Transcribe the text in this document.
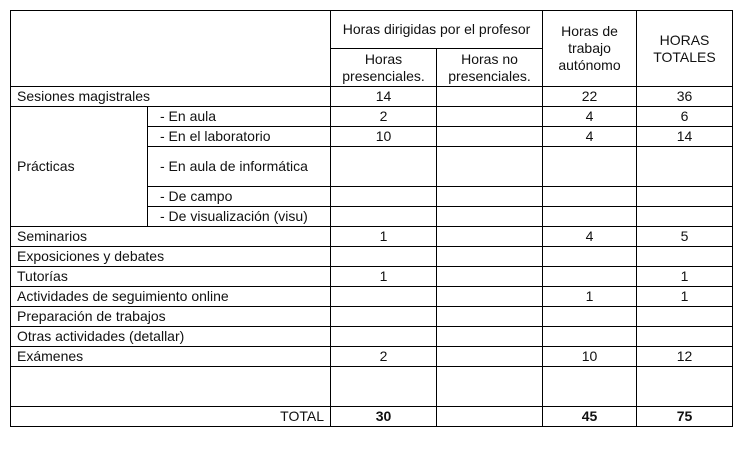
		Horas dirigidas por el profesor		Horas de trabajo autónomo	HORAS TOTALES
		Horas presenciales.	Horas no presenciales.		
Sesiones magistrales		14		22	36
Prácticas	- En aula	2		4	6
	- En el laboratorio	10		4	14
	- En aula de informática				
	- De campo				
	- De visualización (visu)				
Seminarios		1		4	5
Exposiciones y debates					
Tutorías		1			1
Actividades de seguimiento online				1	1
Preparación de trabajos					
Otras actividades (detallar)					
Exámenes		2		10	12

TOTAL		30		45	75
